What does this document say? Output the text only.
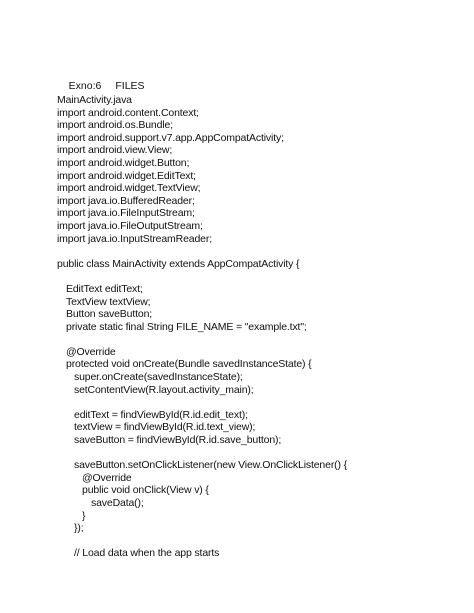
Exno:6 FILES

MainActivity.java
import android.content.Context;
import android.os.Bundle;
import android.support.v7.app.AppCompatActivity;
import android.view.View;
import android.widget.Button;
import android.widget.EditText;
import android.widget.TextView;
import java.io.BufferedReader;
import java.io.FileInputStream;
import java.io.FileOutputStream;
import java.io.InputStreamReader;
public class MainActivity extends AppCompatActivity {
EditText editText;
TextView textView;
Button saveButton;
private static final String FILE_NAME = "example.txt";
@Override
protected void onCreate(Bundle savedInstanceState) {
super.onCreate(savedInstanceState);
setContentView(R.layout.activity_main);
editText = findViewById(R.id.edit_text);
textView = findViewById(R.id.text_view);
saveButton = findViewById(R.id.save_button);
saveButton.setOnClickListener(new View.OnClickListener() {
@Override
public void onClick(View v) {
saveData();
}
});
// Load data when the app starts
